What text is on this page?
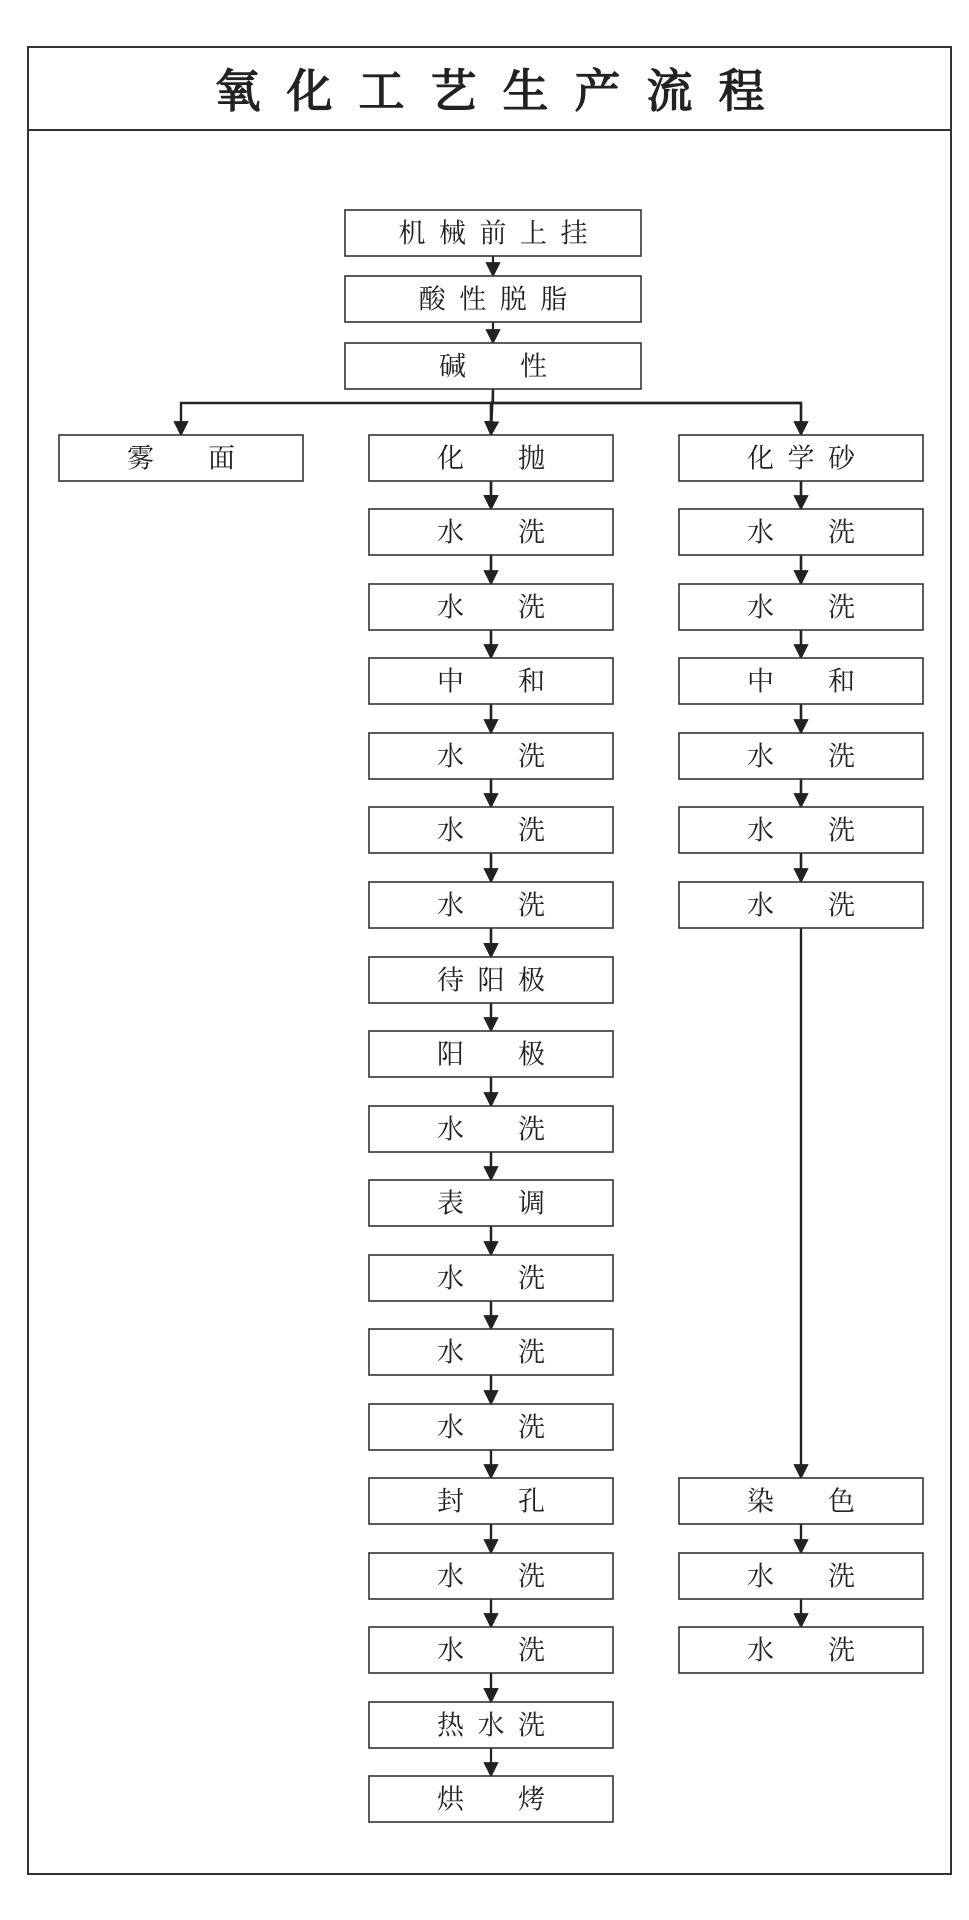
氧化工艺生产流程
机 械 前 上 挂
酸 性 脱 脂
碱　　性
雾　　面	化　　抛	化 学 砂
水　　洗
水　　洗
中　　和
水　　洗
水　　洗
水　　洗
水　　洗
水　　洗
中　　和
水　　洗
水　　洗
水　　洗
待 阳 极
阳　　极
水　　洗
表　　调
水　　洗
水　　洗
水　　洗
封　　孔
水　　洗
水　　洗
染　　色
水　　洗
水　　洗
热 水 洗
烘　　烤
